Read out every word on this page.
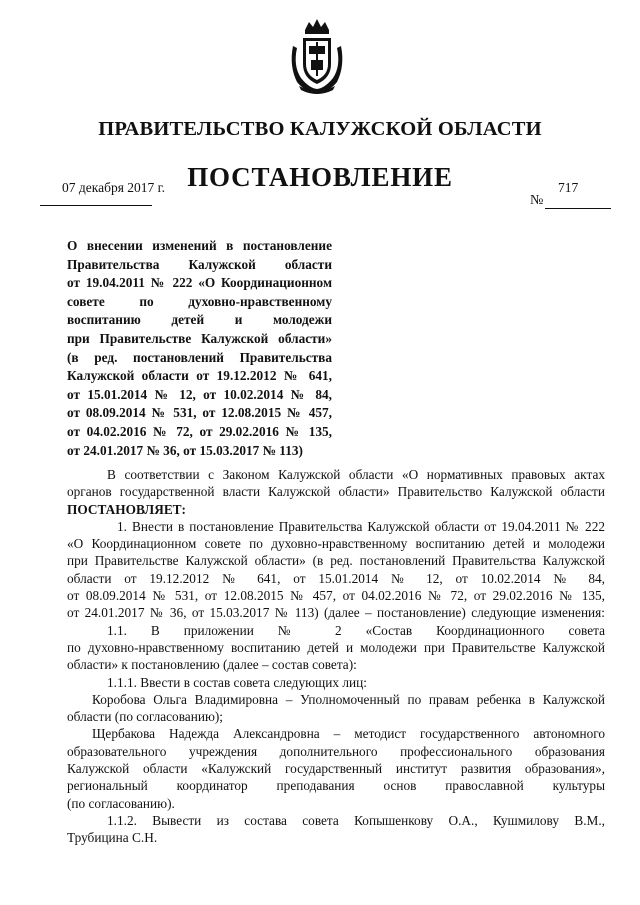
ПРАВИТЕЛЬСТВО КАЛУЖСКОЙ ОБЛАСТИ
ПОСТАНОВЛЕНИЕ
07 декабря 2017 г.
№
717
О внесении изменений в постановление
Правительства Калужской области
от 19.04.2011 № 222 «О Координационном
совете по духовно-нравственному
воспитанию детей и молодежи
при Правительстве Калужской области»
(в ред. постановлений Правительства
Калужской области от 19.12.2012 № 641,
от 15.01.2014 № 12, от 10.02.2014 № 84,
от 08.09.2014 № 531, от 12.08.2015 № 457,
от 04.02.2016 № 72, от 29.02.2016 № 135,
от 24.01.2017 № 36, от 15.03.2017 № 113)
В соответствии с Законом Калужской области «О нормативных правовых актах
органов государственной власти Калужской области» Правительство Калужской области
ПОСТАНОВЛЯЕТ:
1. Внести в постановление Правительства Калужской области от 19.04.2011 № 222
«О Координационном совете по духовно-нравственному воспитанию детей и молодежи
при Правительстве Калужской области» (в ред. постановлений Правительства Калужской
области от 19.12.2012 № 641, от 15.01.2014 № 12, от 10.02.2014 № 84,
от 08.09.2014 № 531, от 12.08.2015 № 457, от 04.02.2016 № 72, от 29.02.2016 № 135,
от 24.01.2017 № 36, от 15.03.2017 № 113) (далее – постановление) следующие изменения:
1.1. В приложении № 2 «Состав Координационного совета
по духовно-нравственному воспитанию детей и молодежи при Правительстве Калужской
области» к постановлению (далее – состав совета):
1.1.1. Ввести в состав совета следующих лиц:
Коробова Ольга Владимировна – Уполномоченный по правам ребенка в Калужской
области (по согласованию);
Щербакова Надежда Александровна – методист государственного автономного
образовательного учреждения дополнительного профессионального образования
Калужской области «Калужский государственный институт развития образования»,
региональный координатор преподавания основ православной культуры
(по согласованию).
1.1.2. Вывести из состава совета Копышенкову О.А., Кушмилову В.М.,
Трубицина С.Н.
